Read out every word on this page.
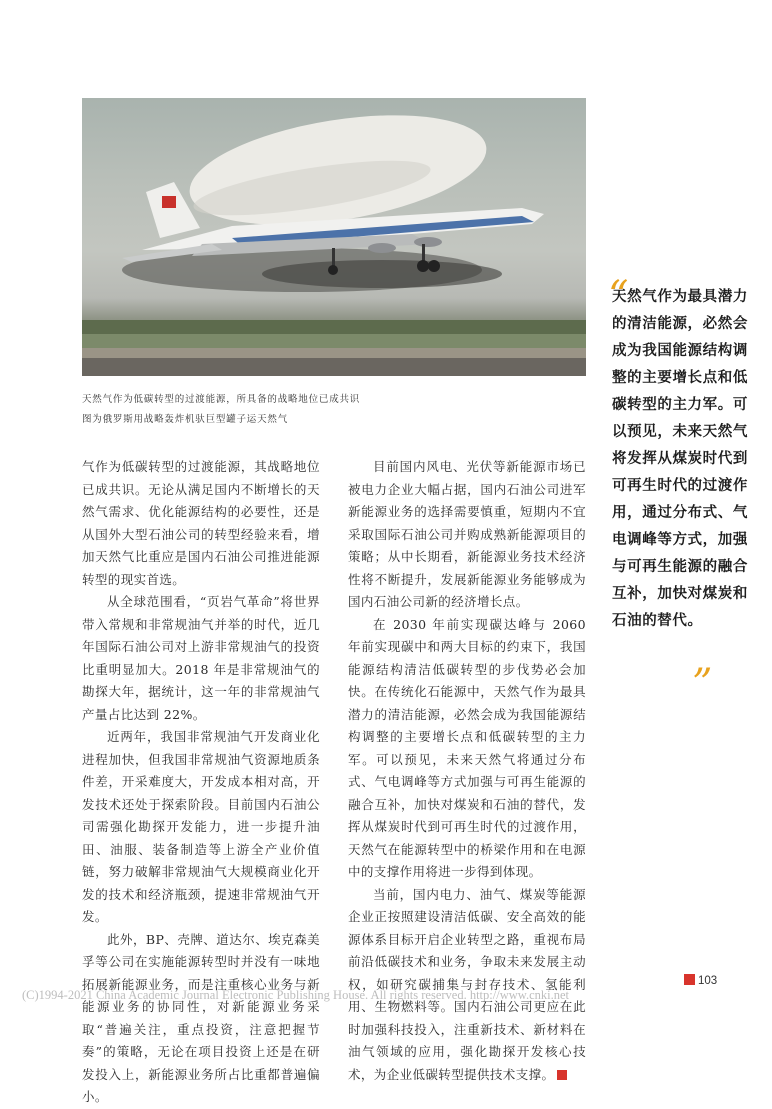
天然气作为低碳转型的过渡能源，所具备的战略地位已成共识
图为俄罗斯用战略轰炸机驮巨型罐子运天然气

气作为低碳转型的过渡能源，其战略地位已成共识。无论从满足国内不断增长的天然气需求、优化能源结构的必要性，还是从国外大型石油公司的转型经验来看，增加天然气比重应是国内石油公司推进能源转型的现实首选。

从全球范围看，“页岩气革命”将世界带入常规和非常规油气并举的时代，近几年国际石油公司对上游非常规油气的投资比重明显加大。2018 年是非常规油气的勘探大年，据统计，这一年的非常规油气产量占比达到 22%。

近两年，我国非常规油气开发商业化进程加快，但我国非常规油气资源地质条件差，开采难度大，开发成本相对高，开发技术还处于探索阶段。目前国内石油公司需强化勘探开发能力，进一步提升油田、油服、装备制造等上游全产业价值链，努力破解非常规油气大规模商业化开发的技术和经济瓶颈，提速非常规油气开发。

此外，BP、壳牌、道达尔、埃克森美孚等公司在实施能源转型时并没有一味地拓展新能源业务，而是注重核心业务与新能源业务的协同性，对新能源业务采取“普遍关注，重点投资，注意把握节奏”的策略，无论在项目投资上还是在研发投入上，新能源业务所占比重都普遍偏小。

目前国内风电、光伏等新能源市场已被电力企业大幅占据，国内石油公司进军新能源业务的选择需要慎重，短期内不宜采取国际石油公司并购成熟新能源项目的策略；从中长期看，新能源业务技术经济性将不断提升，发展新能源业务能够成为国内石油公司新的经济增长点。

在 2030 年前实现碳达峰与 2060 年前实现碳中和两大目标的约束下，我国能源结构清洁低碳转型的步伐势必会加快。在传统化石能源中，天然气作为最具潜力的清洁能源，必然会成为我国能源结构调整的主要增长点和低碳转型的主力军。可以预见，未来天然气将通过分布式、气电调峰等方式加强与可再生能源的融合互补，加快对煤炭和石油的替代，发挥从煤炭时代到可再生时代的过渡作用，天然气在能源转型中的桥梁作用和在电源中的支撑作用将进一步得到体现。

当前，国内电力、油气、煤炭等能源企业正按照建设清洁低碳、安全高效的能源体系目标开启企业转型之路，重视布局前沿低碳技术和业务，争取未来发展主动权，如研究碳捕集与封存技术、氢能利用、生物燃料等。国内石油公司更应在此时加强科技投入，注重新技术、新材料在油气领域的应用，强化勘探开发核心技术，为企业低碳转型提供技术支撑。

“
天然气作为最具潜力的清洁能源，必然会成为我国能源结构调整的主要增长点和低碳转型的主力军。可以预见，未来天然气将发挥从煤炭时代到可再生时代的过渡作用，通过分布式、气电调峰等方式，加强与可再生能源的融合互补，加快对煤炭和石油的替代。
”
103
(C)1994-2021 China Academic Journal Electronic Publishing House. All rights reserved. http://www.cnki.net
